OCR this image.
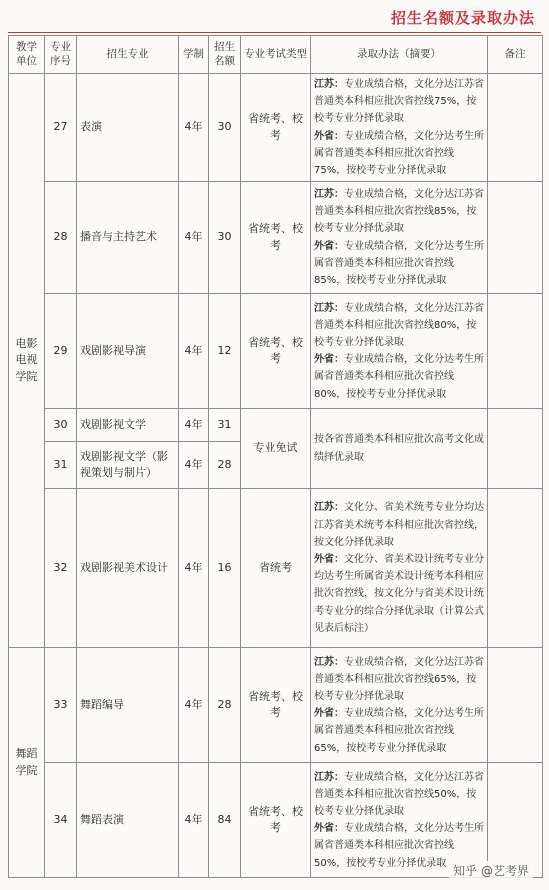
招生名额及录取办法
教学单位	专业序号	招生专业	学制	招生名额	专业考试类型	录取办法（摘要）	备注
电影电视学院	27	表演	4年	30	省统考、校考	江苏：专业成绩合格，文化分达江苏省普通类本科相应批次省控线75%，按校考专业分择优录取

外省：专业成绩合格，文化分达考生所属省普通类本科相应批次省控线75%，按校考专业分择优录取	

	28	播音与主持艺术	4年	30	省统考、校考	江苏：专业成绩合格，文化分达江苏省普通类本科相应批次省控线85%，按校考专业分择优录取

外省：专业成绩合格，文化分达考生所属省普通类本科相应批次省控线85%，按校考专业分择优录取	

	29	戏剧影视导演	4年	12	省统考、校考	江苏：专业成绩合格，文化分达江苏省普通类本科相应批次省控线80%，按校考专业分择优录取

外省：专业成绩合格，文化分达考生所属省普通类本科相应批次省控线80%，按校考专业分择优录取	

	30	戏剧影视文学	4年	31	专业免试	按各省普通类本科相应批次高考文化成绩择优录取	
	31	戏剧影视文学（影视策划与制片）	4年	28			
	32	戏剧影视美术设计	4年	16	省统考	江苏：文化分、省美术统考专业分均达江苏省美术统考本科相应批次省控线，按文化分择优录取

外省：文化分、省美术设计统考专业分均达考生所属省美术设计统考本科相应批次省控线，按文化分与省美术设计统考专业分的综合分择优录取（计算公式见表后标注）	

舞蹈学院	33	舞蹈编导	4年	28	省统考、校考	江苏：专业成绩合格，文化分达江苏省普通类本科相应批次省控线65%，按校考专业分择优录取

外省：专业成绩合格，文化分达考生所属省普通类本科相应批次省控线65%，按校考专业分择优录取	

	34	舞蹈表演	4年	84	省统考、校考	江苏：专业成绩合格，文化分达江苏省普通类本科相应批次省控线50%，按校考专业分择优录取

外省：专业成绩合格，文化分达考生所属省普通类本科相应批次省控线50%，按校考专业分择优录取	

知乎 @艺考界
